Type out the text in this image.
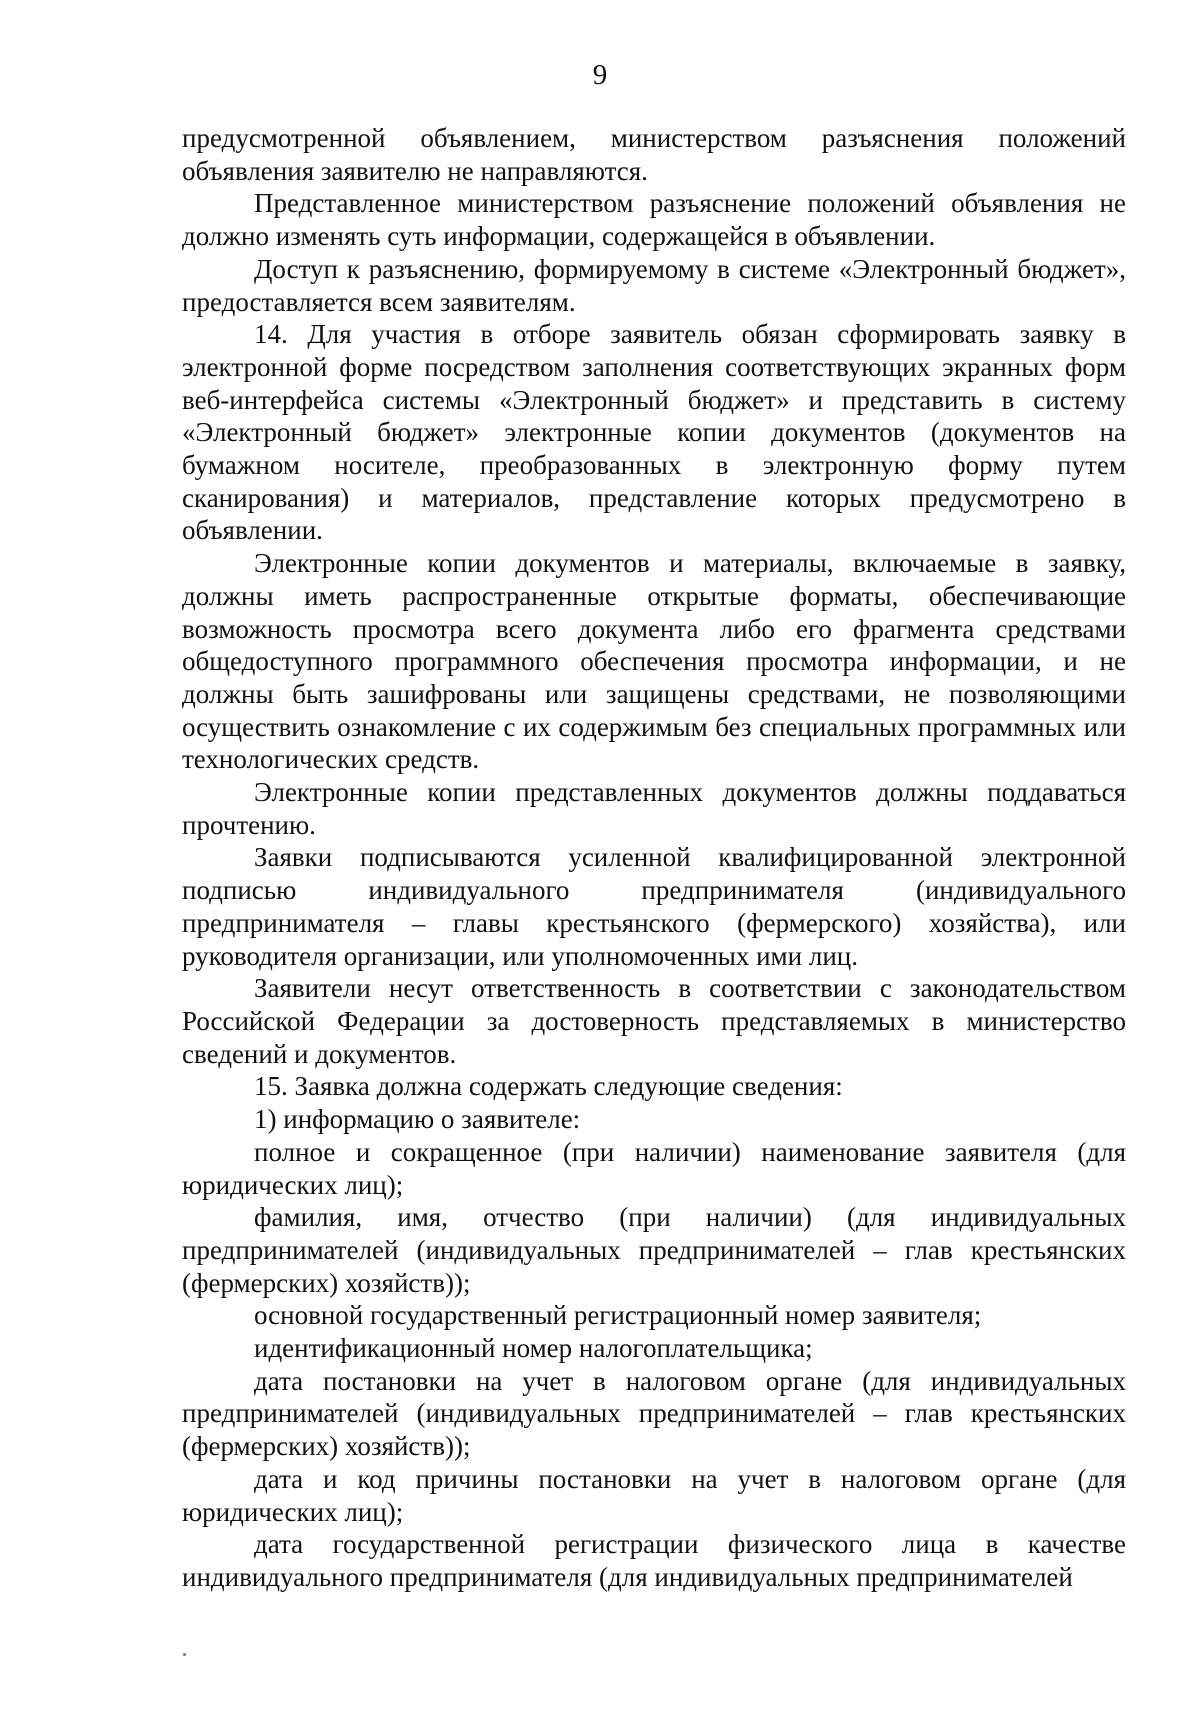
9

предусмотренной объявлением, министерством разъяснения положений объявления заявителю не направляются.

Представленное министерством разъяснение положений объявления не должно изменять суть информации, содержащейся в объявлении.

Доступ к разъяснению, формируемому в системе «Электронный бюджет», предоставляется всем заявителям.

14. Для участия в отборе заявитель обязан сформировать заявку в электронной форме посредством заполнения соответствующих экранных форм веб-интерфейса системы «Электронный бюджет» и представить в систему «Электронный бюджет» электронные копии документов (документов на бумажном носителе, преобразованных в электронную форму путем сканирования) и материалов, представление которых предусмотрено в объявлении.

Электронные копии документов и материалы, включаемые в заявку, должны иметь распространенные открытые форматы, обеспечивающие возможность просмотра всего документа либо его фрагмента средствами общедоступного программного обеспечения просмотра информации, и не должны быть зашифрованы или защищены средствами, не позволяющими осуществить ознакомление с их содержимым без специальных программных или технологических средств.

Электронные копии представленных документов должны поддаваться прочтению.

Заявки подписываются усиленной квалифицированной электронной подписью индивидуального предпринимателя (индивидуального предпринимателя – главы крестьянского (фермерского) хозяйства), или руководителя организации, или уполномоченных ими лиц.

Заявители несут ответственность в соответствии с законодательством Российской Федерации за достоверность представляемых в министерство сведений и документов.

15. Заявка должна содержать следующие сведения:

1) информацию о заявителе:

полное и сокращенное (при наличии) наименование заявителя (для юридических лиц);

фамилия, имя, отчество (при наличии) (для индивидуальных предпринимателей (индивидуальных предпринимателей – глав крестьянских (фермерских) хозяйств));

основной государственный регистрационный номер заявителя;

идентификационный номер налогоплательщика;

дата постановки на учет в налоговом органе (для индивидуальных предпринимателей (индивидуальных предпринимателей – глав крестьянских (фермерских) хозяйств));

дата и код причины постановки на учет в налоговом органе (для юридических лиц);

дата государственной регистрации физического лица в качестве индивидуального предпринимателя (для индивидуальных предпринимателей
